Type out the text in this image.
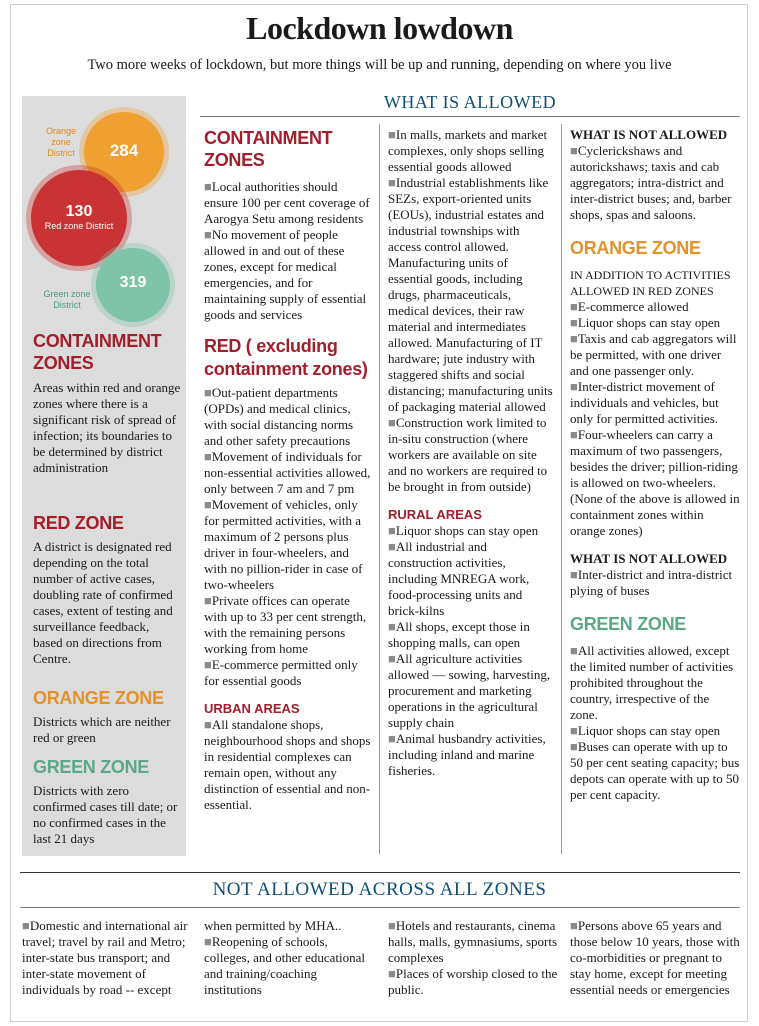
Lockdown lowdown
Two more weeks of lockdown, but more things will be up and running, depending on where you live
284
130
Red zone District
319
Orange zone District
Green zone District
CONTAINMENT ZONES
Areas within red and orange zones where there is a significant risk of spread of infection; its boundaries to be determined by district administration
RED ZONE
A district is designated red depending on the total number of active cases, doubling rate of confirmed cases, extent of testing and surveillance feedback, based on directions from Centre.
ORANGE ZONE
Districts which are neither red or green
GREEN ZONE
Districts with zero confirmed cases till date; or no confirmed cases in the last 21 days
WHAT IS ALLOWED
CONTAINMENT ZONES

■Local authorities should ensure 100 per cent coverage of Aarogya Setu among residents

■No movement of people allowed in and out of these zones, except for medical emergencies, and for maintaining supply of essential goods and services

RED ( excluding containment zones)

■Out-patient departments (OPDs) and medical clinics, with social distancing norms and other safety precautions

■Movement of individuals for non-essential activities allowed, only between 7 am and 7 pm

■Movement of vehicles, only for permitted activities, with a maximum of 2 persons plus driver in four-wheelers, and with no pillion-rider in case of two-wheelers

■Private offices can operate with up to 33 per cent strength, with the remaining persons working from home

■E-commerce permitted only for essential goods

URBAN AREAS

■All standalone shops, neighbourhood shops and shops in residential complexes can remain open, without any distinction of essential and non-essential.

■In malls, markets and market complexes, only shops selling essential goods allowed

■Industrial establishments like SEZs, export-oriented units (EOUs), industrial estates and industrial townships with access control allowed.

Manufacturing units of essential goods, including drugs, pharmaceuticals, medical devices, their raw material and intermediates allowed. Manufacturing of IT hardware; jute industry with staggered shifts and social distancing; manufacturing units of packaging material allowed

■Construction work limited to in-situ construction (where workers are available on site and no workers are required to be brought in from outside)

RURAL AREAS

■Liquor shops can stay open

■All industrial and construction activities, including MNREGA work, food-processing units and brick-kilns

■All shops, except those in shopping malls, can open

■All agriculture activities allowed — sowing, harvesting, procurement and marketing operations in the agricultural supply chain

■Animal husbandry activities, including inland and marine fisheries.

WHAT IS NOT ALLOWED

■Cyclerickshaws and autorickshaws; taxis and cab aggregators; intra-district and inter-district buses; and, barber shops, spas and saloons.

ORANGE ZONE
IN ADDITION TO ACTIVITIES ALLOWED IN RED ZONES

■E-commerce allowed

■Liquor shops can stay open

■Taxis and cab aggregators will be permitted, with one driver and one passenger only.

■Inter-district movement of individuals and vehicles, but only for permitted activities.

■Four-wheelers can carry a maximum of two passengers, besides the driver; pillion-riding is allowed on two-wheelers. (None of the above is allowed in containment zones within orange zones)

WHAT IS NOT ALLOWED

■Inter-district and intra-district plying of buses

GREEN ZONE

■All activities allowed, except the limited number of activities prohibited throughout the country, irrespective of the zone.

■Liquor shops can stay open

■Buses can operate with up to 50 per cent seating capacity; bus depots can operate with up to 50 per cent capacity.

NOT ALLOWED ACROSS ALL ZONES

■Domestic and international air travel; travel by rail and Metro; inter-state bus transport; and inter-state movement of individuals by road -- except

when permitted by MHA..

■Reopening of schools, colleges, and other educational and training/coaching institutions

■Hotels and restaurants, cinema halls, malls, gymnasiums, sports complexes

■Places of worship closed to the public.

■Persons above 65 years and those below 10 years, those with co-morbidities or pregnant to stay home, except for meeting essential needs or emergencies
